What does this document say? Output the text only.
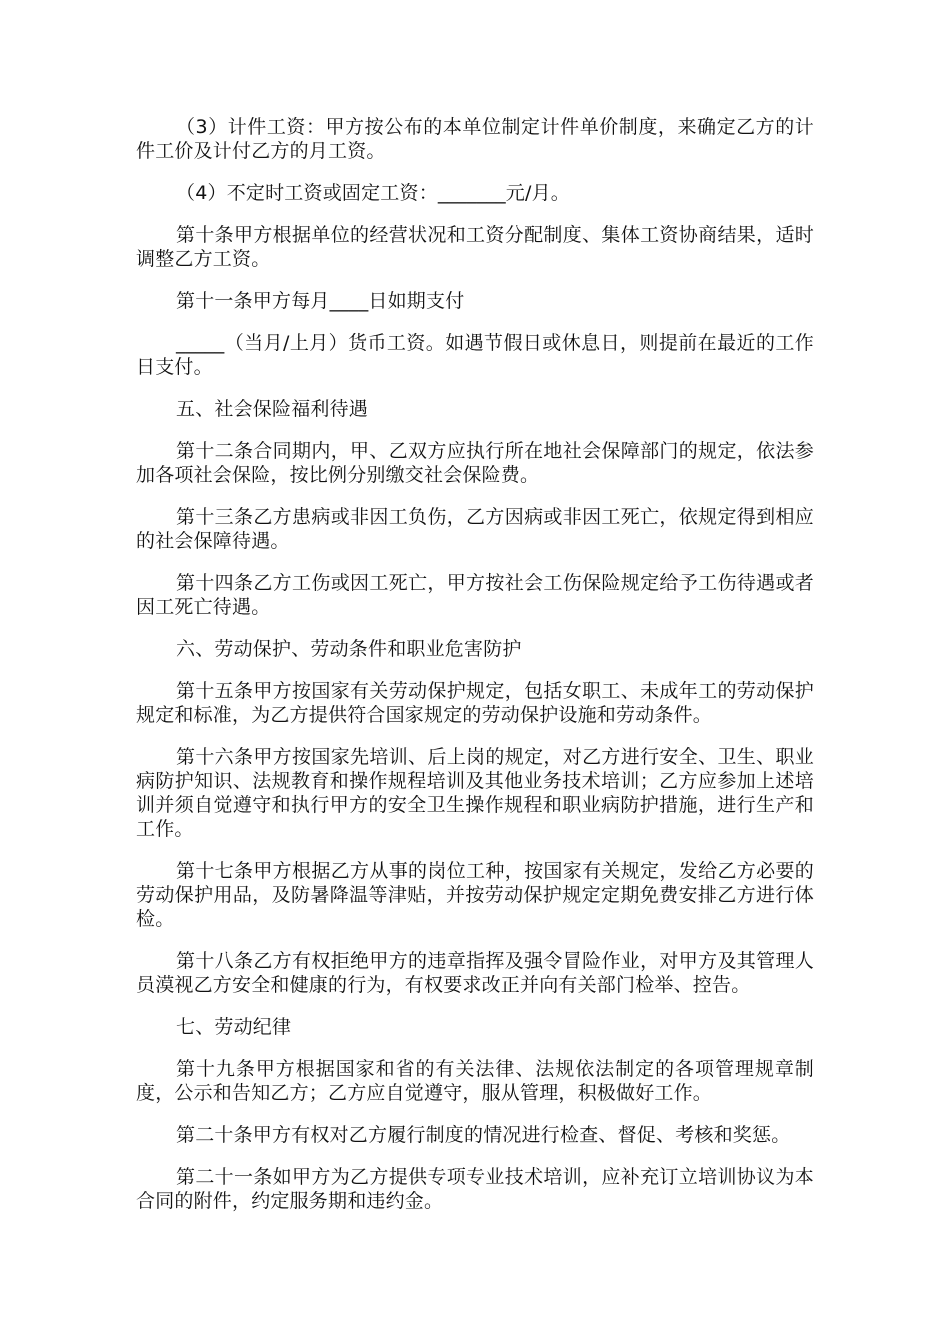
（3）计件工资：甲方按公布的本单位制定计件单价制度，来确定乙方的计件工价及计付乙方的月工资。

（4）不定时工资或固定工资：_______元/月。

第十条甲方根据单位的经营状况和工资分配制度、集体工资协商结果，适时调整乙方工资。

第十一条甲方每月____日如期支付

_____（当月/上月）货币工资。如遇节假日或休息日，则提前在最近的工作日支付。

五、社会保险福利待遇

第十二条合同期内，甲、乙双方应执行所在地社会保障部门的规定，依法参加各项社会保险，按比例分别缴交社会保险费。

第十三条乙方患病或非因工负伤，乙方因病或非因工死亡，依规定得到相应的社会保障待遇。

第十四条乙方工伤或因工死亡，甲方按社会工伤保险规定给予工伤待遇或者因工死亡待遇。

六、劳动保护、劳动条件和职业危害防护

第十五条甲方按国家有关劳动保护规定，包括女职工、未成年工的劳动保护规定和标准，为乙方提供符合国家规定的劳动保护设施和劳动条件。

第十六条甲方按国家先培训、后上岗的规定，对乙方进行安全、卫生、职业病防护知识、法规教育和操作规程培训及其他业务技术培训；乙方应参加上述培训并须自觉遵守和执行甲方的安全卫生操作规程和职业病防护措施，进行生产和工作。

第十七条甲方根据乙方从事的岗位工种，按国家有关规定，发给乙方必要的劳动保护用品，及防暑降温等津贴，并按劳动保护规定定期免费安排乙方进行体检。

第十八条乙方有权拒绝甲方的违章指挥及强令冒险作业，对甲方及其管理人员漠视乙方安全和健康的行为，有权要求改正并向有关部门检举、控告。

七、劳动纪律

第十九条甲方根据国家和省的有关法律、法规依法制定的各项管理规章制度，公示和告知乙方；乙方应自觉遵守，服从管理，积极做好工作。

第二十条甲方有权对乙方履行制度的情况进行检查、督促、考核和奖惩。

第二十一条如甲方为乙方提供专项专业技术培训，应补充订立培训协议为本合同的附件，约定服务期和违约金。
